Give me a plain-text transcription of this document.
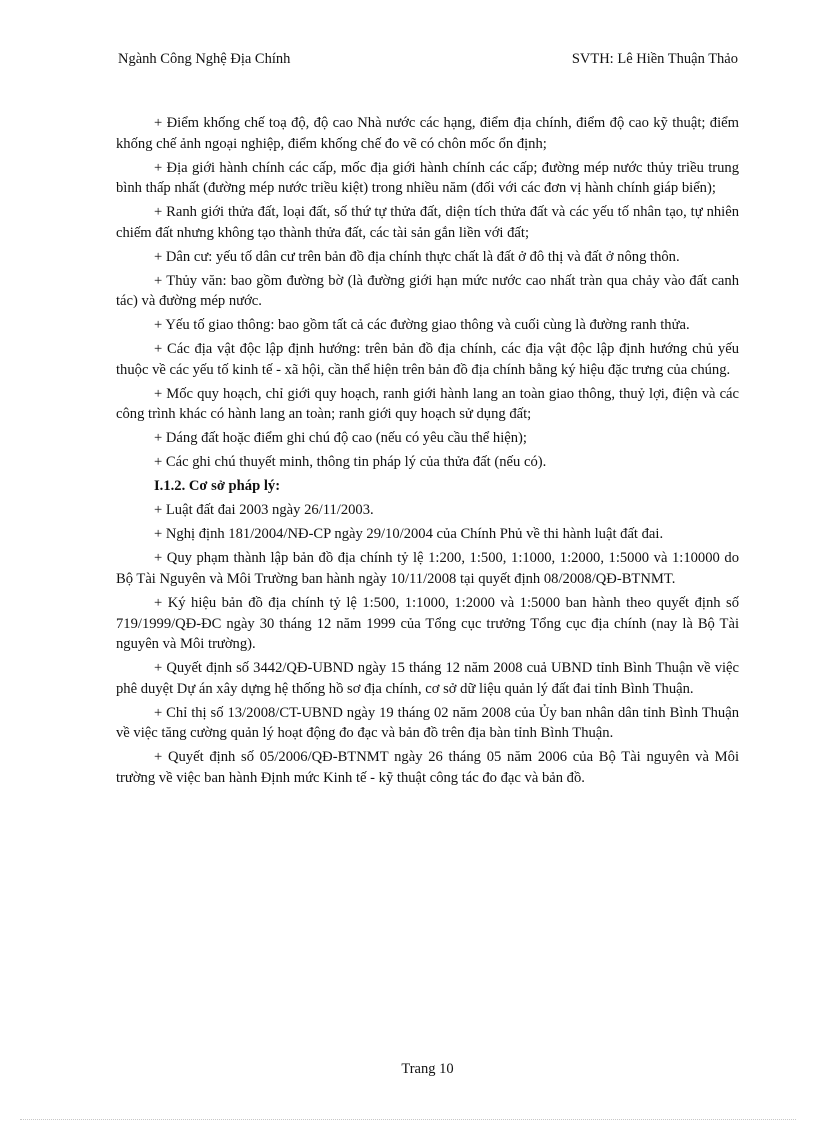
Ngành Công Nghệ Địa Chính	SVTH: Lê Hiền Thuận Thảo

+ Điểm khống chế toạ độ, độ cao Nhà nước các hạng, điểm địa chính, điểm độ cao kỹ thuật; điểm khống chế ảnh ngoại nghiệp, điểm khống chế đo vẽ có chôn mốc ổn định;

+ Địa giới hành chính các cấp, mốc địa giới hành chính các cấp; đường mép nước thủy triều trung bình thấp nhất (đường mép nước triều kiệt) trong nhiều năm (đối với các đơn vị hành chính giáp biển);

+ Ranh giới thửa đất, loại đất, số thứ tự thửa đất, diện tích thửa đất và các yếu tố nhân tạo, tự nhiên chiếm đất nhưng không tạo thành thửa đất, các tài sản gắn liền với đất;

+ Dân cư: yếu tố dân cư trên bản đồ địa chính thực chất là đất ở đô thị và đất ở nông thôn.

+ Thủy văn: bao gồm đường bờ (là đường giới hạn mức nước cao nhất tràn qua chảy vào đất canh tác) và đường mép nước.

+ Yếu tố giao thông: bao gồm tất cả các đường giao thông và cuối cùng là đường ranh thửa.

+ Các địa vật độc lập định hướng: trên bản đồ địa chính, các địa vật độc lập định hướng chủ yếu thuộc về các yếu tố kinh tế - xã hội, cần thể hiện trên bản đồ địa chính bằng ký hiệu đặc trưng của chúng.

+ Mốc quy hoạch, chỉ giới quy hoạch, ranh giới hành lang an toàn giao thông, thuỷ lợi, điện và các công trình khác có hành lang an toàn; ranh giới quy hoạch sử dụng đất;

+ Dáng đất hoặc điểm ghi chú độ cao (nếu có yêu cầu thể hiện);

+ Các ghi chú thuyết minh, thông tin pháp lý của thửa đất (nếu có).

I.1.2. Cơ sở pháp lý:

+ Luật đất đai 2003 ngày 26/11/2003.

+ Nghị định 181/2004/NĐ-CP ngày 29/10/2004 của Chính Phủ về thi hành luật đất đai.

+ Quy phạm thành lập bản đồ địa chính tỷ lệ 1:200, 1:500, 1:1000, 1:2000, 1:5000 và 1:10000 do Bộ Tài Nguyên và Môi Trường ban hành ngày 10/11/2008 tại quyết định 08/2008/QĐ-BTNMT.

+ Ký hiệu bản đồ địa chính tỷ lệ 1:500, 1:1000, 1:2000 và 1:5000 ban hành theo quyết định số 719/1999/QĐ-ĐC ngày 30 tháng 12 năm 1999 của Tổng cục trưởng Tổng cục địa chính (nay là Bộ Tài nguyên và Môi trường).

+ Quyết định số 3442/QĐ-UBND ngày 15 tháng 12 năm 2008 cuả UBND tỉnh Bình Thuận về việc phê duyệt Dự án xây dựng hệ thống hồ sơ địa chính, cơ sở dữ liệu quản lý đất đai tỉnh Bình Thuận.

+ Chỉ thị số 13/2008/CT-UBND ngày 19 tháng 02 năm 2008 của Ủy ban nhân dân tỉnh Bình Thuận về việc tăng cường quản lý hoạt động đo đạc và bản đồ trên địa bàn tỉnh Bình Thuận.

+ Quyết định số 05/2006/QĐ-BTNMT ngày 26 tháng 05 năm 2006 của Bộ Tài nguyên và Môi trường về việc ban hành Định mức Kinh tế - kỹ thuật công tác đo đạc và bản đồ.

Trang 10
